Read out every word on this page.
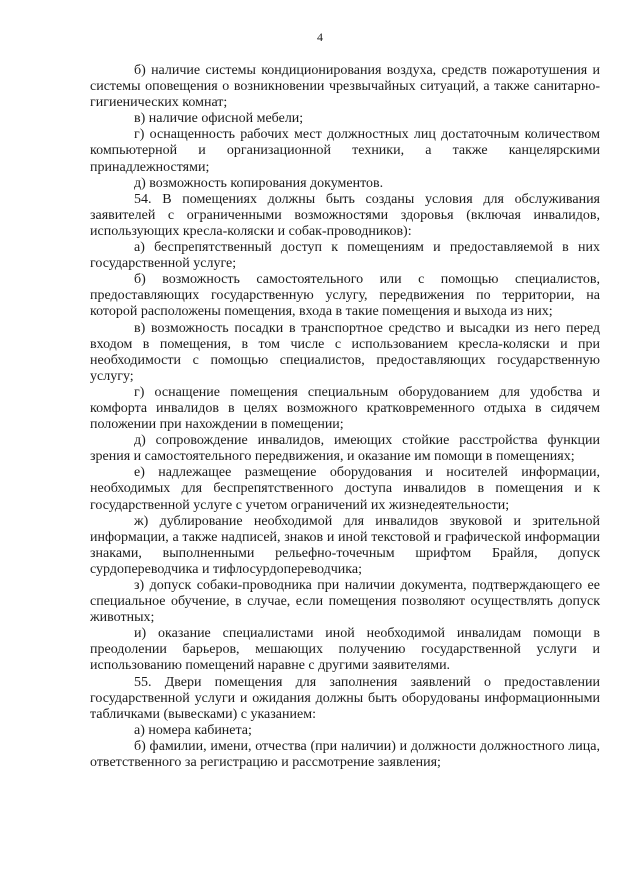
4

б) наличие системы кондиционирования воздуха, средств пожаротушения и системы оповещения о возникновении чрезвычайных ситуаций, а также санитарно-гигиенических комнат;

в) наличие офисной мебели;

г) оснащенность рабочих мест должностных лиц достаточным количеством компьютерной и организационной техники, а также канцелярскими принадлежностями;

д) возможность копирования документов.

54. В помещениях должны быть созданы условия для обслуживания заявителей с ограниченными возможностями здоровья (включая инвалидов, использующих кресла-коляски и собак-проводников):

а) беспрепятственный доступ к помещениям и предоставляемой в них государственной услуге;

б) возможность самостоятельного или с помощью специалистов, предоставляющих государственную услугу, передвижения по территории, на которой расположены помещения, входа в такие помещения и выхода из них;

в) возможность посадки в транспортное средство и высадки из него перед входом в помещения, в том числе с использованием кресла-коляски и при необходимости с помощью специалистов, предоставляющих государственную услугу;

г) оснащение помещения специальным оборудованием для удобства и комфорта инвалидов в целях возможного кратковременного отдыха в сидячем положении при нахождении в помещении;

д) сопровождение инвалидов, имеющих стойкие расстройства функции зрения и самостоятельного передвижения, и оказание им помощи в помещениях;

е) надлежащее размещение оборудования и носителей информации, необходимых для беспрепятственного доступа инвалидов в помещения и к государственной услуге с учетом ограничений их жизнедеятельности;

ж) дублирование необходимой для инвалидов звуковой и зрительной информации, а также надписей, знаков и иной текстовой и графической информации знаками, выполненными рельефно-точечным шрифтом Брайля, допуск сурдопереводчика и тифлосурдопереводчика;

з) допуск собаки-проводника при наличии документа, подтверждающего ее специальное обучение, в случае, если помещения позволяют осуществлять допуск животных;

и) оказание специалистами иной необходимой инвалидам помощи в преодолении барьеров, мешающих получению государственной услуги и использованию помещений наравне с другими заявителями.

55. Двери помещения для заполнения заявлений о предоставлении государственной услуги и ожидания должны быть оборудованы информационными табличками (вывесками) с указанием:

а) номера кабинета;

б) фамилии, имени, отчества (при наличии) и должности должностного лица, ответственного за регистрацию и рассмотрение заявления;
